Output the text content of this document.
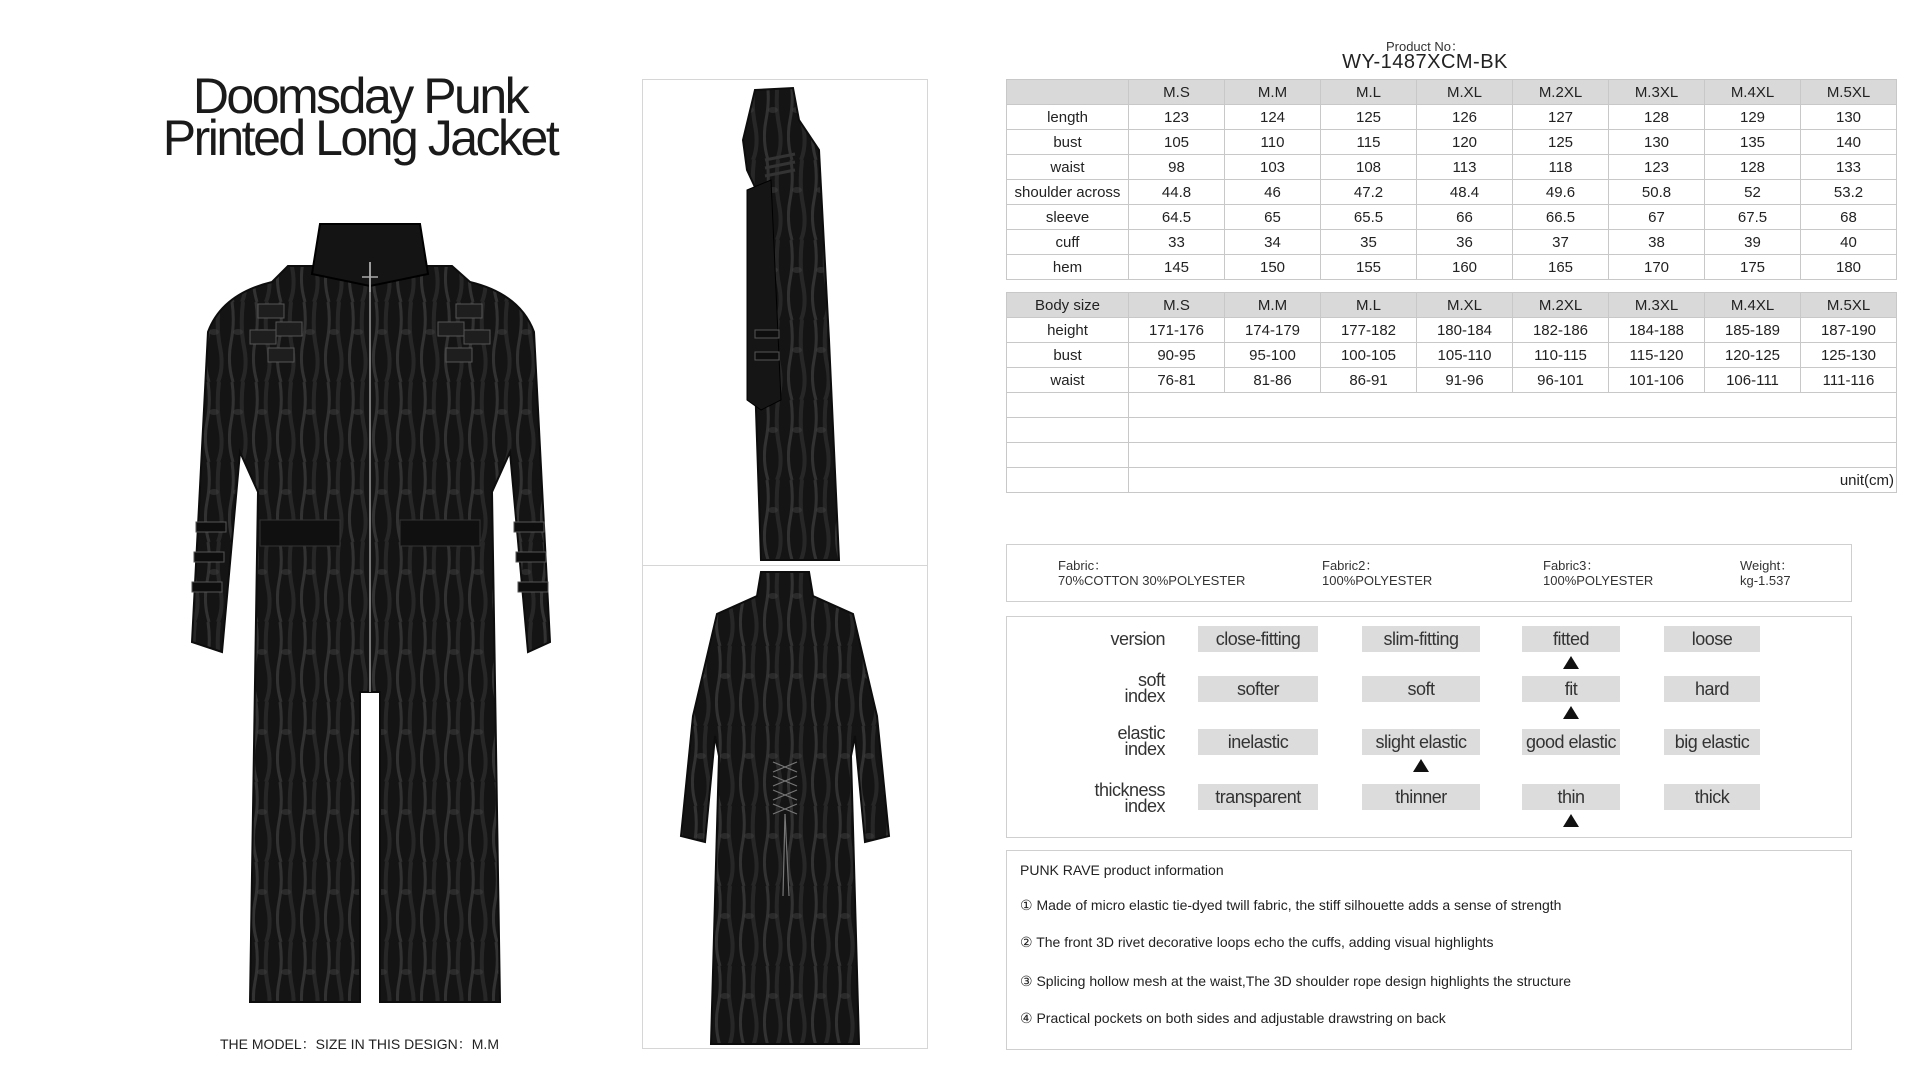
Doomsday Punk
Printed Long Jacket
THE MODEL：SIZE IN THIS DESIGN：M.M
Product No：
WY-1487XCM-BK
	M.S	M.M	M.L	M.XL	M.2XL	M.3XL	M.4XL	M.5XL
length	123	124	125	126	127	128	129	130
bust	105	110	115	120	125	130	135	140
waist	98	103	108	113	118	123	128	133
shoulder across	44.8	46	47.2	48.4	49.6	50.8	52	53.2
sleeve	64.5	65	65.5	66	66.5	67	67.5	68
cuff	33	34	35	36	37	38	39	40
hem	145	150	155	160	165	170	175	180

Body size	M.S	M.M	M.L	M.XL	M.2XL	M.3XL	M.4XL	M.5XL
height	171-176	174-179	177-182	180-184	182-186	184-188	185-189	187-190
bust	90-95	95-100	100-105	105-110	110-115	115-120	120-125	125-130
waist	76-81	81-86	86-91	91-96	96-101	101-106	106-111	111-116

	unit(cm)							
Fabric：
70%COTTON 30%POLYESTER
Fabric2：
100%POLYESTER
Fabric3：
100%POLYESTER
Weight：
kg-1.537
version	close-fitting	slim-fitting	fitted	loose
soft
index	softer	soft	fit	hard
elastic
index	inelastic	slight elastic	good elastic	big elastic
thickness
index	transparent	thinner	thin	thick
PUNK RAVE product information
① Made of micro elastic tie-dyed twill fabric, the stiff silhouette adds a sense of strength
② The front 3D rivet decorative loops echo the cuffs, adding visual highlights
③ Splicing hollow mesh at the waist,The 3D shoulder rope design highlights the structure
④ Practical pockets on both sides and adjustable drawstring on back
